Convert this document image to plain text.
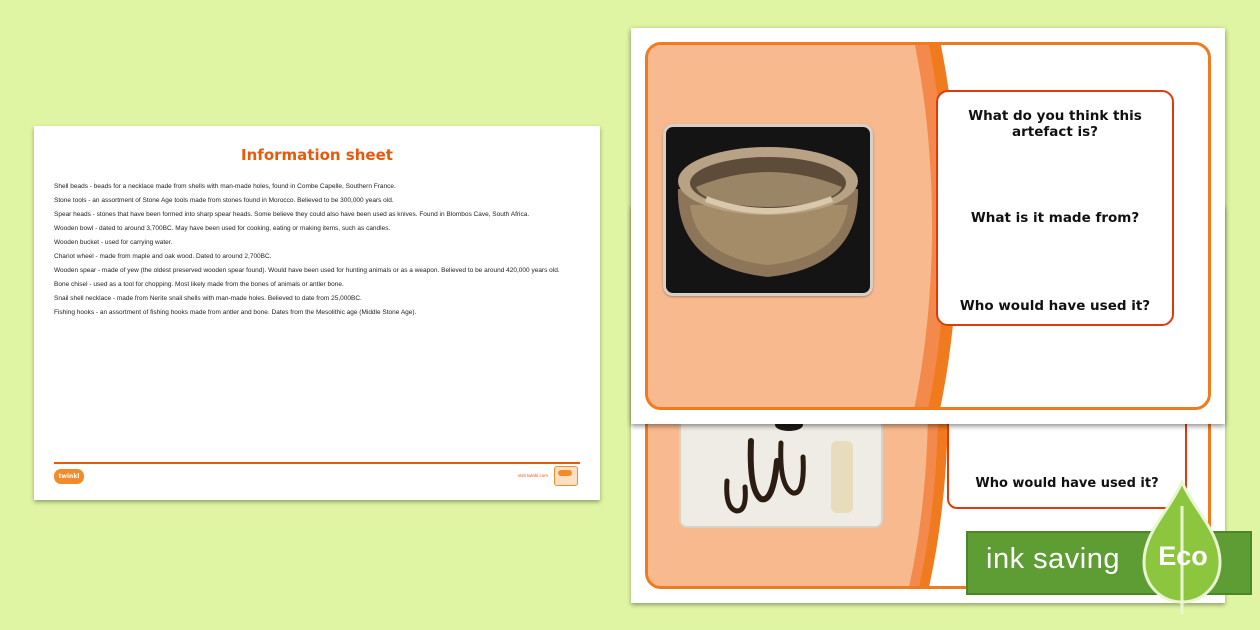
Information sheet
Shell beads - beads for a necklace made from shells with man-made holes, found in Combe Capelle, Southern France.
Stone tools - an assortment of Stone Age tools made from stones found in Morocco. Believed to be 300,000 years old.
Spear heads - stones that have been formed into sharp spear heads. Some believe they could also have been used as knives. Found in Blombos Cave, South Africa.
Wooden bowl - dated to around 3,700BC. May have been used for cooking, eating or making items, such as candles.
Wooden bucket - used for carrying water.
Chariot wheel - made from maple and oak wood. Dated to around 2,700BC.
Wooden spear - made of yew (the oldest preserved wooden spear found). Would have been used for hunting animals or as a weapon. Believed to be around 420,000 years old.
Bone chisel - used as a tool for chopping. Most likely made from the bones of animals or antler bone.
Snail shell necklace - made from Nerite snail shells with man-made holes. Believed to date from 25,000BC.
Fishing hooks - an assortment of fishing hooks made from antler and bone. Dates from the Mesolithic age (Middle Stone Age).
twinkl	visit twinkl.com
Who would have used it?
What do you think this artefact is?
What is it made from?
Who would have used it?
ink saving Eco
